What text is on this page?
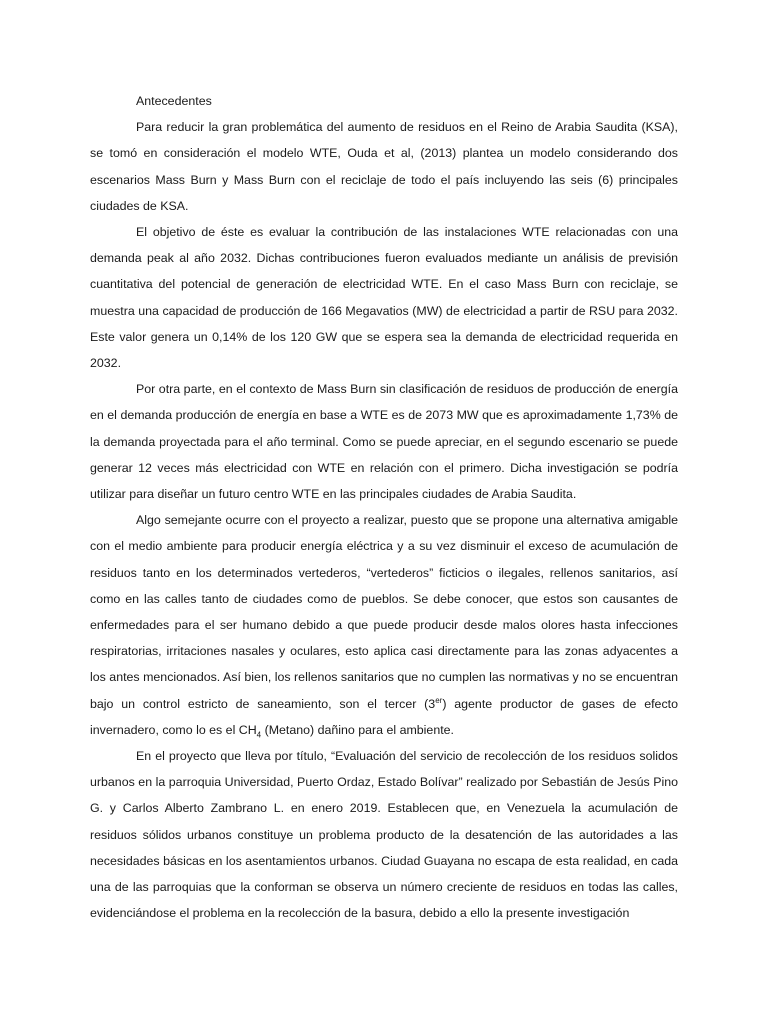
Antecedentes

Para reducir la gran problemática del aumento de residuos en el Reino de Arabia Saudita (KSA), se tomó en consideración el modelo WTE, Ouda et al, (2013) plantea un modelo considerando dos escenarios Mass Burn y Mass Burn con el reciclaje de todo el país incluyendo las seis (6) principales ciudades de KSA.

El objetivo de éste es evaluar la contribución de las instalaciones WTE relacionadas con una demanda peak al año 2032. Dichas contribuciones fueron evaluados mediante un análisis de previsión cuantitativa del potencial de generación de electricidad WTE. En el caso Mass Burn con reciclaje, se muestra una capacidad de producción de 166 Megavatios (MW) de electricidad a partir de RSU para 2032. Este valor genera un 0,14% de los 120 GW que se espera sea la demanda de electricidad requerida en 2032.

Por otra parte, en el contexto de Mass Burn sin clasificación de residuos de producción de energía en el demanda producción de energía en base a WTE es de 2073 MW que es aproximadamente 1,73% de la demanda proyectada para el año terminal. Como se puede apreciar, en el segundo escenario se puede generar 12 veces más electricidad con WTE en relación con el primero. Dicha investigación se podría utilizar para diseñar un futuro centro WTE en las principales ciudades de Arabia Saudita.

Algo semejante ocurre con el proyecto a realizar, puesto que se propone una alternativa amigable con el medio ambiente para producir energía eléctrica y a su vez disminuir el exceso de acumulación de residuos tanto en los determinados vertederos, “vertederos” ficticios o ilegales, rellenos sanitarios, así como en las calles tanto de ciudades como de pueblos. Se debe conocer, que estos son causantes de enfermedades para el ser humano debido a que puede producir desde malos olores hasta infecciones respiratorias, irritaciones nasales y oculares, esto aplica casi directamente para las zonas adyacentes a los antes mencionados. Así bien, los rellenos sanitarios que no cumplen las normativas y no se encuentran bajo un control estricto de saneamiento, son el tercer (3er) agente productor de gases de efecto invernadero, como lo es el $CH_4$ (Metano) dañino para el ambiente.

En el proyecto que lleva por título, “Evaluación del servicio de recolección de los residuos solidos urbanos en la parroquia Universidad, Puerto Ordaz, Estado Bolívar” realizado por Sebastián de Jesús Pino G. y Carlos Alberto Zambrano L. en enero 2019. Establecen que, en Venezuela la acumulación de residuos sólidos urbanos constituye un problema producto de la desatención de las autoridades a las necesidades básicas en los asentamientos urbanos. Ciudad Guayana no escapa de esta realidad, en cada una de las parroquias que la conforman se observa un número creciente de residuos en todas las calles, evidenciándose el problema en la recolección de la basura, debido a ello la presente investigación
